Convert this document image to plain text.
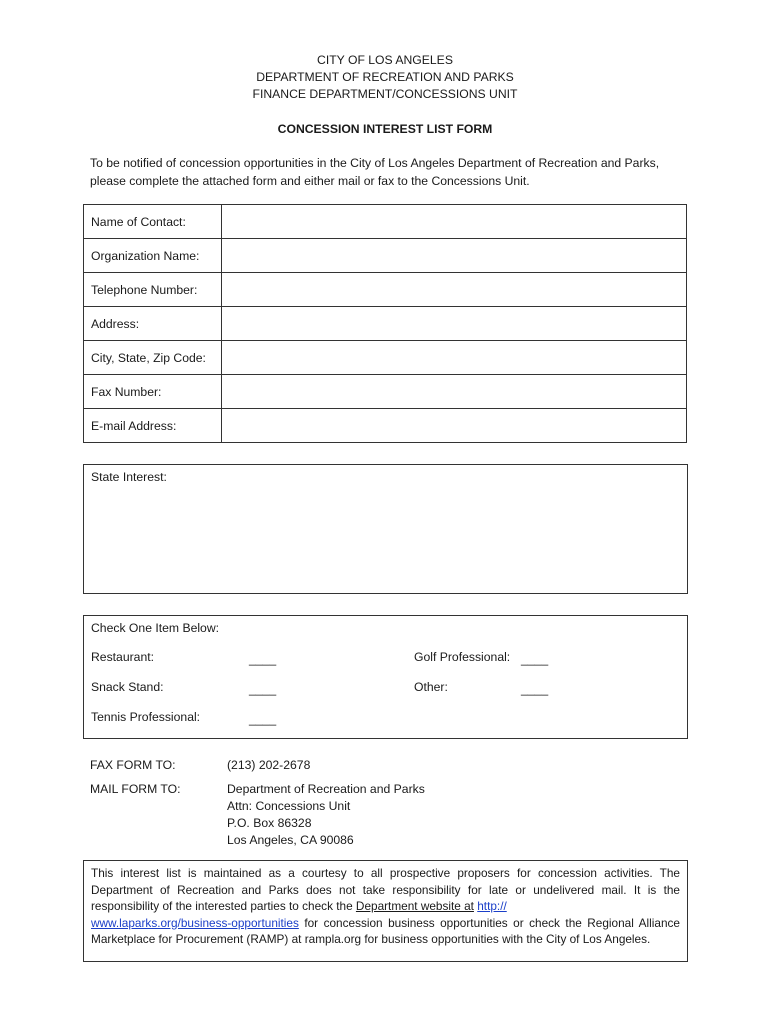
CITY OF LOS ANGELES
DEPARTMENT OF RECREATION AND PARKS
FINANCE DEPARTMENT/CONCESSIONS UNIT
CONCESSION INTEREST LIST FORM
To be notified of concession opportunities in the City of Los Angeles Department of Recreation and Parks,
please complete the attached form and either mail or fax to the Concessions Unit.
Name of Contact:	
Organization Name:	
Telephone Number:	
Address:	
City, State, Zip Code:	
Fax Number:	
E-mail Address:	
State Interest:
Check One Item Below:
Restaurant:	____	Golf Professional: ____
Snack Stand:	____	Other:	____
Tennis Professional:	____
FAX FORM TO:	(213) 202-2678
MAIL FORM TO:	Department of Recreation and Parks
Attn: Concessions Unit
P.O. Box 86328
Los Angeles, CA 90086

This interest list is maintained as a courtesy to all prospective proposers for concession activities. The Department of Recreation and Parks does not take responsibility for late or undelivered mail. It is the responsibility of the interested parties to check the Department website at http://
www.laparks.org/business-opportunities for concession business opportunities or check the Regional Alliance Marketplace for Procurement (RAMP) at rampla.org for business opportunities with the City of Los Angeles.
